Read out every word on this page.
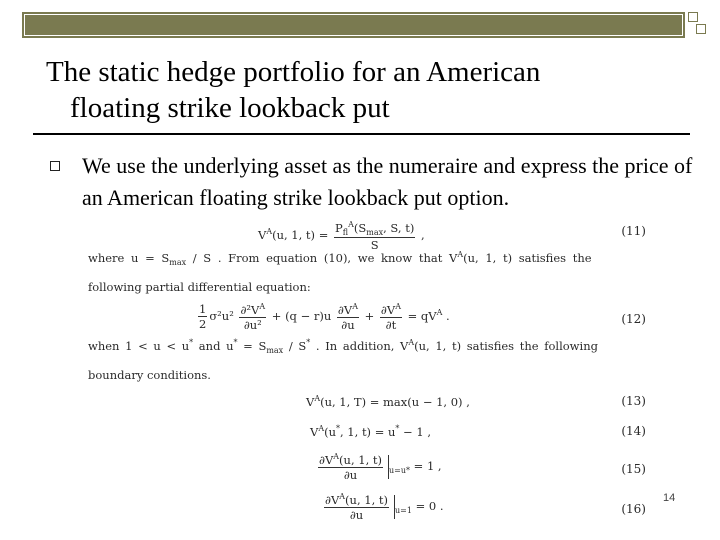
The static hedge portfolio for an American
floating strike lookback put
We use the underlying asset as the numeraire and express the price of an American floating strike lookback put option.
$V^A(u$, 1, $t) = \frac{P_{fl}^A(S_{max}, S, t)}{S}$ ,	(11)
where $u = S_{max} / S$ . From equation (10), we know that $V^A(u$, 1, t) satisfies the
following partial differential equation:
$\frac{1}{2} \sigma^2u^2 \frac{\partial^2V^A}{\text{∂u²}} + (q - r)u \frac{\partial V^A}{\partial u} + \frac{\partial V^A}{\partial t} = qV^A$ .	(12)
when 1 < u < u* and $u^* = S_{max} / S^*$ . In addition, $V^A(u$, 1, t) satisfies the following
boundary conditions.
$V^A(u$, 1, T) = max(u − 1, 0) ,	(13)
$V^A(u^*$, 1, t) = u* − 1 ,	(14)
$\frac{\partial V^A(u, 1, t)}{\partial u} _{u=u*} = 1$ ,	(15)
$\frac{\partial V^A(u, 1, t)}{\partial u} _{u=1} = 0$ .	(16)
14
